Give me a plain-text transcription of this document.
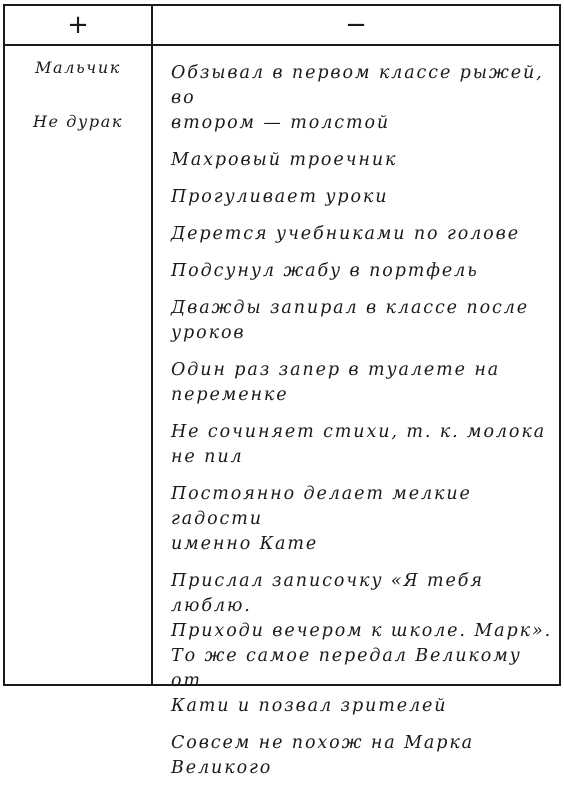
+	−
Мальчик
Не дурак
Обзывал в первом классе рыжей, во
втором — толстой
Махровый троечник
Прогуливает уроки
Дерется учебниками по голове
Подсунул жабу в портфель
Дважды запирал в классе после
уроков
Один раз запер в туалете на
переменке
Не сочиняет стихи, т. к. молока
не пил
Постоянно делает мелкие гадости
именно Кате
Прислал записочку «Я тебя люблю.
Приходи вечером к школе. Марк».
То же самое передал Великому от
Кати и позвал зрителей
Совсем не похож на Марка
Великого
